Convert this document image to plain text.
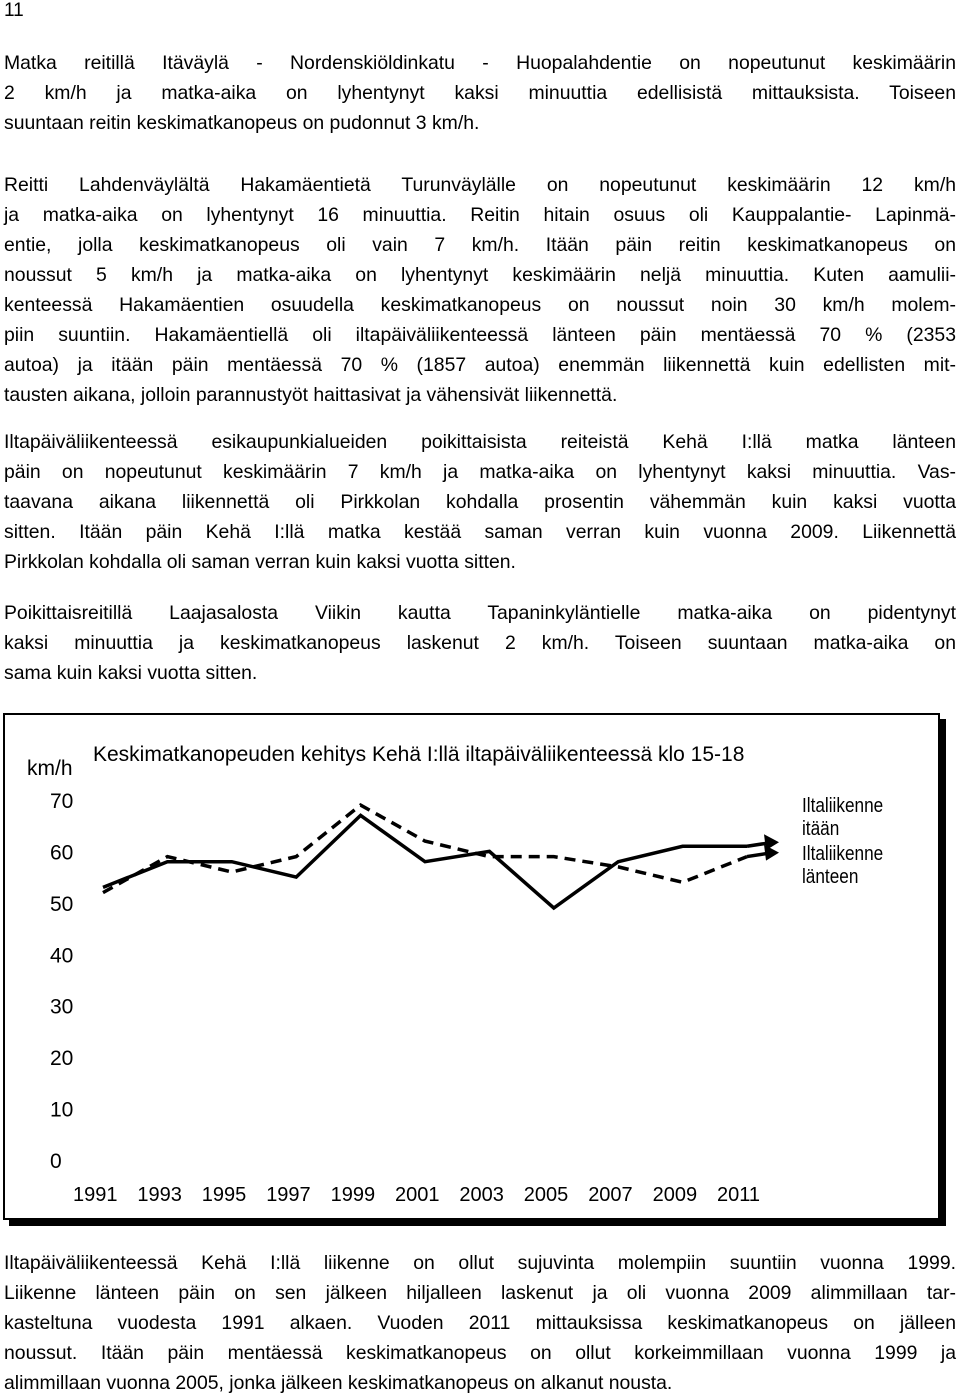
11
Matka reitillä Itäväylä - Nordenskiöldinkatu - Huopalahdentie on nopeutunut keskimäärin
2 km/h ja matka-aika on lyhentynyt kaksi minuuttia edellisistä mittauksista. Toiseen
suuntaan reitin keskimatkanopeus on pudonnut 3 km/h.
Reitti Lahdenväylältä Hakamäentietä Turunväylälle on nopeutunut keskimäärin 12 km/h
ja matka-aika on lyhentynyt 16 minuuttia. Reitin hitain osuus oli Kauppalantie- Lapinmä-
entie, jolla keskimatkanopeus oli vain 7 km/h. Itään päin reitin keskimatkanopeus on
noussut 5 km/h ja matka-aika on lyhentynyt keskimäärin neljä minuuttia. Kuten aamulii-
kenteessä Hakamäentien osuudella keskimatkanopeus on noussut noin 30 km/h molem-
piin suuntiin. Hakamäentiellä oli iltapäiväliikenteessä länteen päin mentäessä 70 % (2353
autoa) ja itään päin mentäessä 70 % (1857 autoa) enemmän liikennettä kuin edellisten mit-
tausten aikana, jolloin parannustyöt haittasivat ja vähensivät liikennettä.
Iltapäiväliikenteessä esikaupunkialueiden poikittaisista reiteistä Kehä I:llä matka länteen
päin on nopeutunut keskimäärin 7 km/h ja matka-aika on lyhentynyt kaksi minuuttia. Vas-
taavana aikana liikennettä oli Pirkkolan kohdalla prosentin vähemmän kuin kaksi vuotta
sitten. Itään päin Kehä I:llä matka kestää saman verran kuin vuonna 2009. Liikennettä
Pirkkolan kohdalla oli saman verran kuin kaksi vuotta sitten.
Poikittaisreitillä Laajasalosta Viikin kautta Tapaninkyläntielle matka-aika on pidentynyt
kaksi minuuttia ja keskimatkanopeus laskenut 2 km/h. Toiseen suuntaan matka-aika on
sama kuin kaksi vuotta sitten.
Iltapäiväliikenteessä Kehä I:llä liikenne on ollut sujuvinta molempiin suuntiin vuonna 1999.
Liikenne länteen päin on sen jälkeen hiljalleen laskenut ja oli vuonna 2009 alimmillaan tar-
kasteltuna vuodesta 1991 alkaen. Vuoden 2011 mittauksissa keskimatkanopeus on jälleen
noussut. Itään päin mentäessä keskimatkanopeus on ollut korkeimmillaan vuonna 1999 ja
alimmillaan vuonna 2005, jonka jälkeen keskimatkanopeus on alkanut nousta.
km/h
Keskimatkanopeuden kehitys Kehä I:llä iltapäiväliikenteessä klo 15-18
0
10
20
30
40
50
60
70
1991 1993 1995 1997 1999 2001 2003 2005 2007 2009 2011
Iltaliikenne itään
Iltaliikenne länteen
